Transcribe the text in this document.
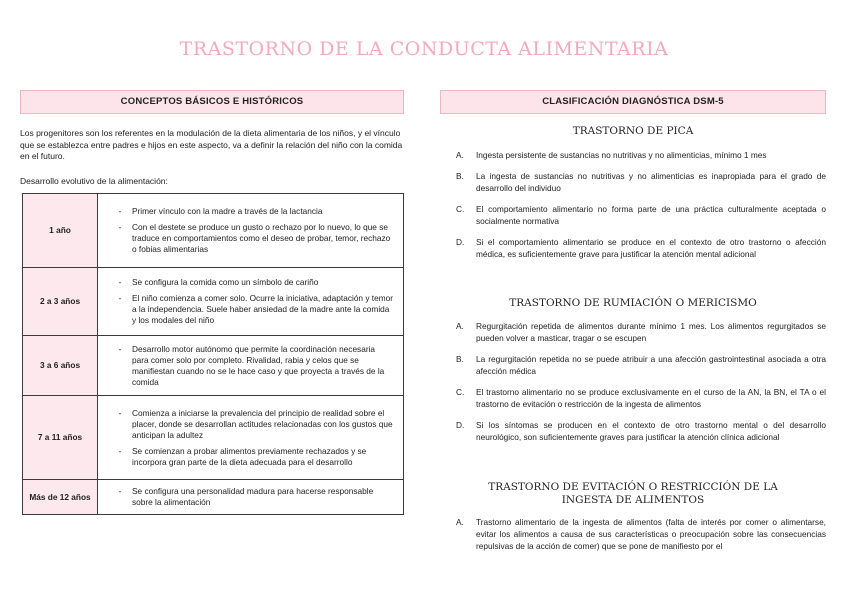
TRASTORNO DE LA CONDUCTA ALIMENTARIA
CONCEPTOS BÁSICOS E HISTÓRICOS	CLASIFICACIÓN DIAGNÓSTICA DSM-5

Los progenitores son los referentes en la modulación de la dieta alimentaria de los niños, y el vínculo que se establezca entre padres e hijos en este aspecto, va a definir la relación del niño con la comida en el futuro.

Desarrollo evolutivo de la alimentación:

1 año	- Primer vínculo con la madre a través de la lactancia
- Con el destete se produce un gusto o rechazo por lo nuevo, lo que se traduce en comportamientos como el deseo de probar, temor, rechazo o fobias alimentarias

2 a 3 años	- Se configura la comida como un símbolo de cariño
- El niño comienza a comer solo. Ocurre la iniciativa, adaptación y temor a la independencia. Suele haber ansiedad de la madre ante la comida y los modales del niño

3 a 6 años	- Desarrollo motor autónomo que permite la coordinación necesaria para comer solo por completo. Rivalidad, rabia y celos que se manifiestan cuando no se le hace caso y que proyecta a través de la comida

7 a 11 años	- Comienza a iniciarse la prevalencia del principio de realidad sobre el placer, donde se desarrollan actitudes relacionadas con los gustos que anticipan la adultez
- Se comienzan a probar alimentos previamente rechazados y se incorpora gran parte de la dieta adecuada para el desarrollo

Más de 12 años	- Se configura una personalidad madura para hacerse responsable sobre la alimentación
TRASTORNO DE PICA
A.	Ingesta persistente de sustancias no nutritivas y no alimenticias, mínimo 1 mes
B.	La ingesta de sustancias no nutritivas y no alimenticias es inapropiada para el grado de desarrollo del individuo
C.	El comportamiento alimentario no forma parte de una práctica culturalmente aceptada o socialmente normativa
D.	Si el comportamiento alimentario se produce en el contexto de otro trastorno o afección médica, es suficientemente grave para justificar la atención mental adicional
TRASTORNO DE RUMIACIÓN O MERICISMO
A.	Regurgitación repetida de alimentos durante mínimo 1 mes. Los alimentos regurgitados se pueden volver a masticar, tragar o se escupen
B.	La regurgitación repetida no se puede atribuir a una afección gastrointestinal asociada a otra afección médica
C.	El trastorno alimentario no se produce exclusivamente en el curso de la AN, la BN, el TA o el trastorno de evitación o restricción de la ingesta de alimentos
D.	Si los síntomas se producen en el contexto de otro trastorno mental o del desarrollo neurológico, son suficientemente graves para justificar la atención clínica adicional
TRASTORNO DE EVITACIÓN O RESTRICCIÓN DE LA INGESTA DE ALIMENTOS
A.	Trastorno alimentario de la ingesta de alimentos (falta de interés por comer o alimentarse, evitar los alimentos a causa de sus características o preocupación sobre las consecuencias repulsivas de la acción de comer) que se pone de manifiesto por el
